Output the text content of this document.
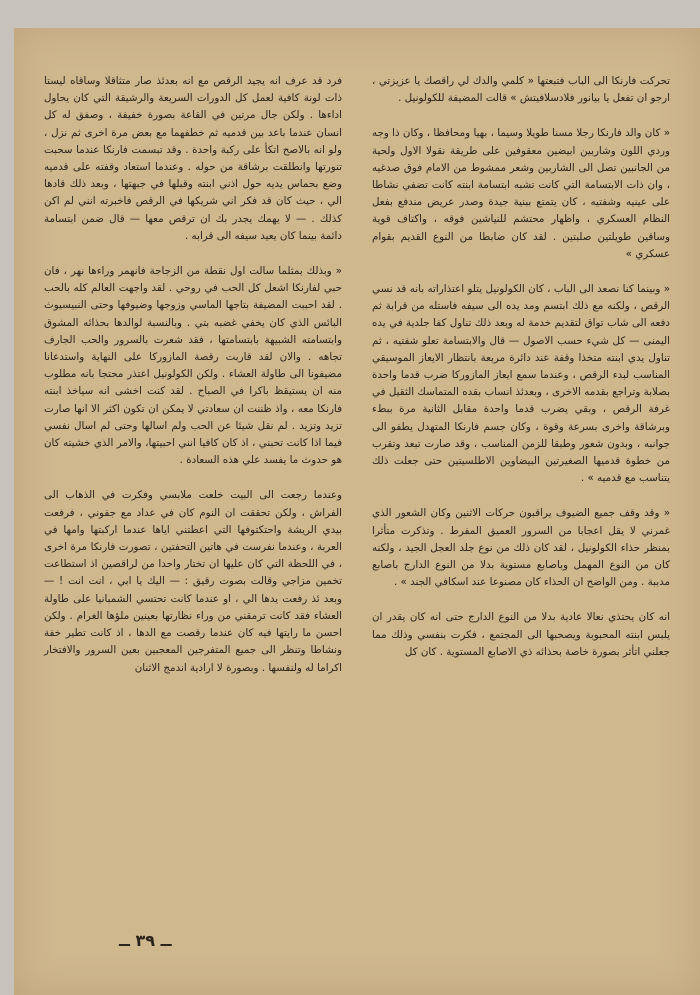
تحركت فارنكا الى الباب فتبعتها « كلمي والدك لي راقصك يا عزيزتي ، ارجو ان تفعل يا بيانور فلادسلافيتش » قالت المضيفة للكولونيل .

« كان والد فارنكا رجلا مسنا طويلا وسيما ، بهيا ومحافظا ، وكان ذا وجه وردي اللون وشاربين ابيضين معقوفين على طريقة نقولا الاول ولحية من الجانبين تصل الى الشاربين وشعر ممشوط من الامام فوق صدغيه ، وان ذات الابتسامة التي كانت تشبه ابتسامة ابنته كانت تضفي نشاطا على عينيه وشفتيه ، كان يتمتع ببنية جيدة وصدر عريض مندفع بفعل النظام العسكري ، واظهار محتشم للنياشين فوقه ، واكتاف قوية وساقين طويلتين صلبتين . لقد كان ضابطا من النوع القديم بقوام عسكري »

« وبينما كنا نصعد الى الباب ، كان الكولونيل يتلو اعتذاراته بانه قد نسي الرقص ، ولكنه مع ذلك ابتسم ومد يده الى سيفه فاستله من قرابة ثم دفعه الى شاب تواق لتقديم خدمة له وبعد ذلك تناول كفا جلدية في يده اليمنى — كل شيء حسب الاصول — قال والابتسامة تعلو شفتيه ، ثم تناول يدي ابنته متخذا وقفة عند دائرة مربعة بانتظار الايعاز الموسيقي المناسب لبدء الرقص ، وعندما سمع ايعاز المازوركا ضرب قدما واحدة بصلابة وتراجع بقدمه الاخرى ، وبعدئذ انساب بقده المتماسك الثقيل في غرفة الرقص ، وبقي يضرب قدما واحدة مقابل الثانية مرة ببطء وبرشاقة واخرى بسرعة وقوة ، وكان جسم فارنكا المتهدل يطفو الى جوانبه ، وبدون شعور وطبقا للزمن المناسب ، وقد صارت تبعد وتقرب من خطوة قدميها الصغيرتين البيضاوين الاطلسيتين حتى جعلت ذلك يتناسب مع قدميه » .

« وقد وقف جميع الضيوف يراقبون حركات الاثنين وكان الشعور الذي غمرني لا يقل اعجابا من السرور العميق المفرط . وتذكرت متأثرا بمنظر حذاء الكولونيل ، لقد كان ذلك من نوع جلد العجل الجيد ، ولكنه كان من النوع المهمل وباصابع مستوية بدلا من النوع الدارج باصابع مدببة . ومن الواضح ان الحذاء كان مصنوعا عند اسكافي الجند » .

انه كان يحتذي نعالا عادية بدلا من النوع الدارج حتى انه كان يقدر ان يلبس ابنته المحبوبة ويصحبها الى المجتمع ، فكرت بنفسي وذلك مما جعلني اتأثر بصورة خاصة بحذائه ذي الاصابع المستوية . كان كل

فرد قد عرف انه يجيد الرقص مع انه بعدئذ صار متثاقلا وساقاه ليستا ذات لونة كافية لعمل كل الدورات السريعة والرشيقة التي كان يحاول اداءها . ولكن جال مرتين في القاعة بصورة خفيفة ، وصفق له كل انسان عندما باعد بين قدميه ثم خطفهما مع بعض مرة اخرى ثم نزل ، ولو انه بالاصح اتكأ على ركبة واحدة . وقد تبسمت فارنكا عندما سحبت تنورتها وانطلقت برشاقة من حوله . وعندما استعاد وقفته على قدميه وضع بحماس يديه حول اذني ابنته وقبلها في جبهتها ، وبعد ذلك قادها الي ، حيث كان قد فكر اني شريكها في الرقص فاخبرته انني لم اكن كذلك . — لا يهمك يجدر بك ان ترقص معها — قال ضمن ابتسامة دائمة بينما كان يعيد سيفه الى قرابه .

« وبذلك بمثلما سالت اول نقطة من الزجاجة فانهمر وراءها نهر ، فان حبي لفارنكا اشعل كل الحب في روحي . لقد واجهت العالم كله بالحب . لقد احببت المضيفة بتاجها الماسي وزوجها وضيوفها وحتى النبيسيوث البائس الذي كان يخفي غضبه بتي . وبالنسبة لوالدها بحذائه المشوق وابتسامته الشبيهة بابتسامتها ، فقد شعرت بالسرور والحب الجارف تجاهه . والان لقد قاربت رقصة المازوركا على النهاية واستدعانا مضيفونا الى طاولة العشاء . ولكن الكولونيل اعتذر محتجا بانه مطلوب منه ان يستيقظ باكرا في الصباح . لقد كنت اخشى انه سياخذ ابنته فارنكا معه ، واذ ظننت ان سعادتي لا يمكن ان تكون اكثر الا انها صارت تزيد وتزيد . لم نقل شيئا عن الحب ولم اسالها وحتى لم اسال نفسي فيما اذا كانت تحبني ، اذ كان كافيا انني احبيتها، والامر الذي خشيته كان هو حدوث ما يفسد علي هذه السعادة .

وعندما رجعت الى البيت خلعت ملابسي وفكرت في الذهاب الى الفراش ، ولكن تحققت ان النوم كان في عداد مع جفوني ، فرفعت بيدي الريشة واحتكتوفها التي اعطتني اياها عندما اركبتها وامها في العربة ، وعندما نفرست في هاتين التحفتين ، تصورت فارنكا مرة اخرى ، في اللحظة التي كان عليها ان تختار واحدا من لراقصين اذ استطاعت تخمين مزاجي وقالت بصوت رقيق : — اليك يا ابي ، انت انت ! — وبعد ئذ رفعت يدها الي ، او عندما كانت تحتسي الشمبانيا على طاولة العشاء فقد كانت ترمقني من وراء نظارتها بعينين ملؤها الغرام . ولكن احسن ما رايتها فيه كان عندما رقصت مع الدها ، اذ كانت تطير خفة ونشاطا وتنظر الى جميع المتفرجين المعجبين بعين السرور والافتخار اكراما له ولنفسها . وبصورة لا ارادية اندمج الاثنان

ــ ٣٩ ــ
